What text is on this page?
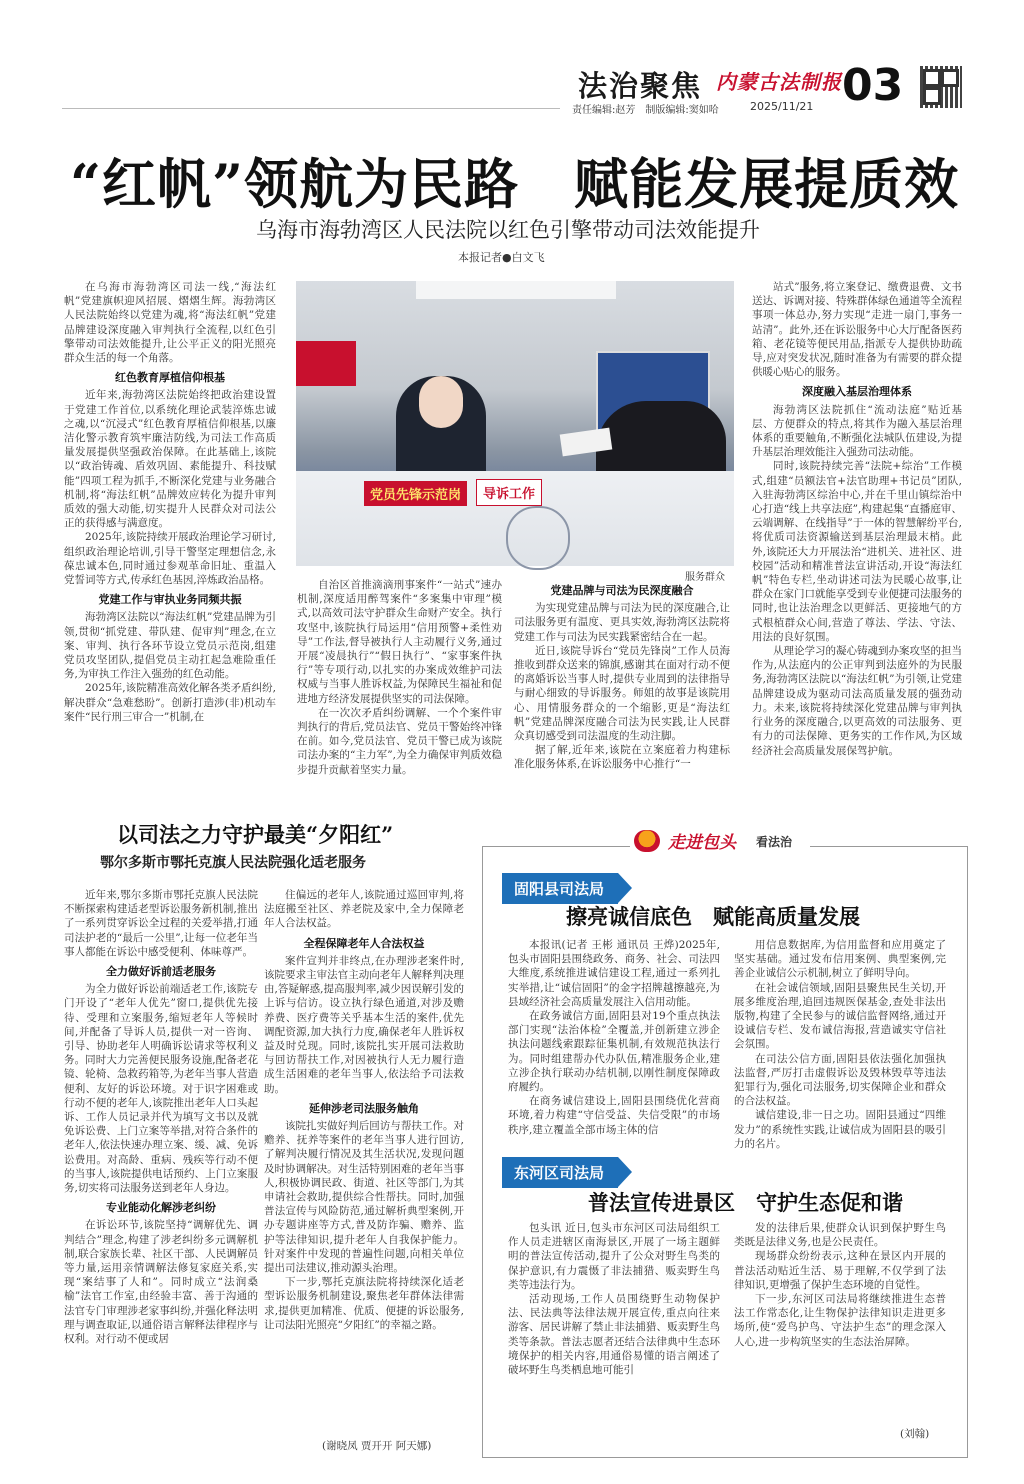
法治聚焦 内蒙古法制报 03
责任编辑:赵芳　制版编辑:窦如哈	2025/11/21
“红帆”领航为民路　赋能发展提质效
乌海市海勃湾区人民法院以红色引擎带动司法效能提升
本报记者●白文飞

在乌海市海勃湾区司法一线,“海法红帆”党建旗帜迎风招展、熠熠生辉。海勃湾区人民法院始终以党建为魂,将“海法红帆”党建品牌建设深度融入审判执行全流程,以红色引擎带动司法效能提升,让公平正义的阳光照亮群众生活的每一个角落。

红色教育厚植信仰根基

近年来,海勃湾区法院始终把政治建设置于党建工作首位,以系统化理论武装淬炼忠诚之魂,以“沉浸式”红色教育厚植信仰根基,以廉洁化警示教育筑牢廉洁防线,为司法工作高质量发展提供坚强政治保障。在此基础上,该院以“政治铸魂、盾效巩固、素能提升、科技赋能”四项工程为抓手,不断深化党建与业务融合机制,将“海法红帆”品牌效应转化为提升审判质效的强大动能,切实提升人民群众对司法公正的获得感与满意度。

2025年,该院持续开展政治理论学习研讨,组织政治理论培训,引导干警坚定理想信念,永葆忠诚本色,同时通过参观革命旧址、重温入党誓词等方式,传承红色基因,淬炼政治品格。

党建工作与审执业务同频共振

海勃湾区法院以“海法红帆”党建品牌为引领,贯彻“抓党建、带队建、促审判”理念,在立案、审判、执行各环节设立党员示范岗,组建党员攻坚团队,提倡党员主动扛起急难险重任务,为审执工作注入强劲的红色动能。

2025年,该院精准高效化解各类矛盾纠纷,解决群众“急难愁盼”。创新打造涉(非)机动车案件“民行刑三审合一”机制,在

自治区首推滴滴刑事案件“一站式”速办机制,深度适用醉驾案件“多案集中审理”模式,以高效司法守护群众生命财产安全。执行攻坚中,该院执行局运用“信用预警+柔性劝导”工作法,督导被执行人主动履行义务,通过开展“凌晨执行”“假日执行”、“家事案件执行”等专项行动,以扎实的办案成效维护司法权威与当事人胜诉权益,为保障民生福祉和促进地方经济发展提供坚实的司法保障。

在一次次矛盾纠纷调解、一个个案件审判执行的背后,党员法官、党员干警始终冲锋在前。如今,党员法官、党员干警已成为该院司法办案的“主力军”,为全力确保审判质效稳步提升贡献着坚实力量。

党建品牌与司法为民深度融合

为实现党建品牌与司法为民的深度融合,让司法服务更有温度、更具实效,海勃湾区法院将党建工作与司法为民实践紧密结合在一起。

近日,该院导诉台“党员先锋岗”工作人员海推收到群众送来的锦旗,感谢其在面对行动不便的离婚诉讼当事人时,提供专业周到的法律指导与耐心细致的导诉服务。师姐的故事是该院用心、用情服务群众的一个缩影,更是“海法红帆”党建品牌深度融合司法为民实践,让人民群众真切感受到司法温度的生动注脚。

据了解,近年来,该院在立案庭着力构建标准化服务体系,在诉讼服务中心推行“一

站式”服务,将立案登记、缴费退费、文书送达、诉调对接、特殊群体绿色通道等全流程事项一体总办,努力实现“走进一扇门,事务一站清”。此外,还在诉讼服务中心大厅配备医药箱、老花镜等便民用品,指派专人提供协助疏导,应对突发状况,随时准备为有需要的群众提供暖心贴心的服务。

深度融入基层治理体系

海勃湾区法院抓住“流动法庭”贴近基层、方便群众的特点,将其作为融入基层治理体系的重要触角,不断强化法城队伍建设,为提升基层治理效能注入强劲司法动能。

同时,该院持续完善“法院+综治”工作模式,组建“员额法官+法官助理+书记员”团队,入驻海勃湾区综治中心,并在千里山镇综治中心打造“线上共享法庭”,构建起集“直播庭审、云端调解、在线指导”于一体的智慧解纷平台,将优质司法资源输送到基层治理最末梢。此外,该院还大力开展法治“进机关、进社区、进校园”活动和精准普法宣讲活动,开设“海法红帆”特色专栏,坐动讲述司法为民暖心故事,让群众在家门口就能享受到专业便捷司法服务的同时,也让法治理念以更鲜活、更接地气的方式根植群众心间,营造了尊法、学法、守法、用法的良好氛围。

从理论学习的凝心铸魂到办案攻坚的担当作为,从法庭内的公正审判到法庭外的为民服务,海勃湾区法院以“海法红帆”为引领,让党建品牌建设成为驱动司法高质量发展的强劲动力。未来,该院将持续深化党建品牌与审判执行业务的深度融合,以更高效的司法服务、更有力的司法保障、更务实的工作作风,为区域经济社会高质量发展保驾护航。

党员先锋示范岗	导诉工作
服务群众
以司法之力守护最美“夕阳红”
鄂尔多斯市鄂托克旗人民法院强化适老服务

近年来,鄂尔多斯市鄂托克旗人民法院不断探索构建适老型诉讼服务新机制,推出了一系列贯穿诉讼全过程的关爱举措,打通司法护老的“最后一公里”,让每一位老年当事人都能在诉讼中感受便利、体味尊严。

全力做好诉前适老服务

为全力做好诉讼前端适老工作,该院专门开设了“老年人优先”窗口,提供优先接待、受理和立案服务,缩短老年人等候时间,并配备了导诉人员,提供一对一咨询、引导、协助老年人明确诉讼请求等权利义务。同时大力完善便民服务设施,配备老花镜、轮椅、急救药箱等,为老年当事人营造便利、友好的诉讼环境。对于识字困难或行动不便的老年人,该院推出老年人口头起诉、工作人员记录并代为填写文书以及就免诉讼费、上门立案等举措,对符合条件的老年人,依法快速办理立案、缓、减、免诉讼费用。对高龄、重病、残疾等行动不便的当事人,该院提供电话预约、上门立案服务,切实将司法服务送到老年人身边。

专业能动化解涉老纠纷

在诉讼环节,该院坚持“调解优先、调判结合”理念,构建了涉老纠纷多元调解机制,联合家族长辈、社区干部、人民调解员等力量,运用亲情调解法修复家庭关系,实现“案结事了人和”。同时成立“法润桑榆”法官工作室,由经验丰富、善于沟通的法官专门审理涉老家事纠纷,并强化释法明理与调查取证,以通俗语言解释法律程序与权利。对行动不便或居

住偏远的老年人,该院通过巡回审判,将法庭搬至社区、养老院及家中,全力保障老年人合法权益。

全程保障老年人合法权益

案件宣判并非终点,在办理涉老案件时,该院要求主审法官主动向老年人解释判决理由,答疑解惑,提高服判率,减少因误解引发的上诉与信访。设立执行绿色通道,对涉及赡养费、医疗费等关乎基本生活的案件,优先调配资源,加大执行力度,确保老年人胜诉权益及时兑现。同时,该院扎实开展司法救助与回访帮扶工作,对因被执行人无力履行造成生活困难的老年当事人,依法给予司法救助。

延伸涉老司法服务触角

该院扎实做好判后回访与帮扶工作。对赡养、抚养等案件的老年当事人进行回访,了解判决履行情况及其生活状况,发现问题及时协调解决。对生活特别困难的老年当事人,积极协调民政、街道、社区等部门,为其申请社会救助,提供综合性帮扶。同时,加强普法宣传与风险防范,通过解析典型案例,开办专题讲座等方式,普及防诈骗、赡养、监护等法律知识,提升老年人自我保护能力。针对案件中发现的普遍性问题,向相关单位提出司法建议,推动源头治理。

下一步,鄂托克旗法院将持续深化适老型诉讼服务机制建设,聚焦老年群体法律需求,提供更加精准、优质、便捷的诉讼服务,让司法阳光照亮“夕阳红”的幸福之路。

(谢晓凤 贾开开 阿天娜)
走进包头 看法治
固阳县司法局
擦亮诚信底色　赋能高质量发展

本报讯(记者 王彬 通讯员 王烨)2025年,包头市固阳县围绕政务、商务、社会、司法四大维度,系统推进诚信建设工程,通过一系列扎实举措,让“诚信固阳”的金字招牌越擦越亮,为县域经济社会高质量发展注入信用动能。

在政务诚信方面,固阳县对19个重点执法部门实现“法治体检”全覆盖,并创新建立涉企执法问题线索跟踪征集机制,有效规范执法行为。同时组建帮办代办队伍,精准服务企业,建立涉企执行联动办结机制,以刚性制度保障政府履约。

在商务诚信建设上,固阳县围绕优化营商环境,着力构建“守信受益、失信受限”的市场秩序,建立覆盖全部市场主体的信

用信息数据库,为信用监督和应用奠定了坚实基础。通过发布信用案例、典型案例,完善企业诚信公示机制,树立了鲜明导向。

在社会诚信领域,固阳县聚焦民生关切,开展多维度治理,追回违规医保基金,查处非法出版物,构建了全民参与的诚信监督网络,通过开设诚信专栏、发布诚信海报,营造诚实守信社会氛围。

在司法公信方面,固阳县依法强化加强执法监督,严厉打击虚假诉讼及毁林毁草等违法犯罪行为,强化司法服务,切实保障企业和群众的合法权益。

诚信建设,非一日之功。固阳县通过“四维发力”的系统性实践,让诚信成为固阳县的吸引力的名片。

东河区司法局
普法宣传进景区　守护生态促和谐

包头讯 近日,包头市东河区司法局组织工作人员走进辖区南海景区,开展了一场主题鲜明的普法宣传活动,提升了公众对野生鸟类的保护意识,有力震慑了非法捕猎、贩卖野生鸟类等违法行为。

活动现场,工作人员围绕野生动物保护法、民法典等法律法规开展宣传,重点向往来游客、居民讲解了禁止非法捕猎、贩卖野生鸟类等条款。普法志愿者还结合法律典中生态环境保护的相关内容,用通俗易懂的语言阐述了破坏野生鸟类栖息地可能引

发的法律后果,使群众认识到保护野生鸟类既是法律义务,也是公民责任。

现场群众纷纷表示,这种在景区内开展的普法活动贴近生活、易于理解,不仅学到了法律知识,更增强了保护生态环境的自觉性。

下一步,东河区司法局将继续推进生态普法工作常态化,让生物保护法律知识走进更多场所,使“爱鸟护鸟、守法护生态”的理念深入人心,进一步构筑坚实的生态法治屏障。

(刘翰)
